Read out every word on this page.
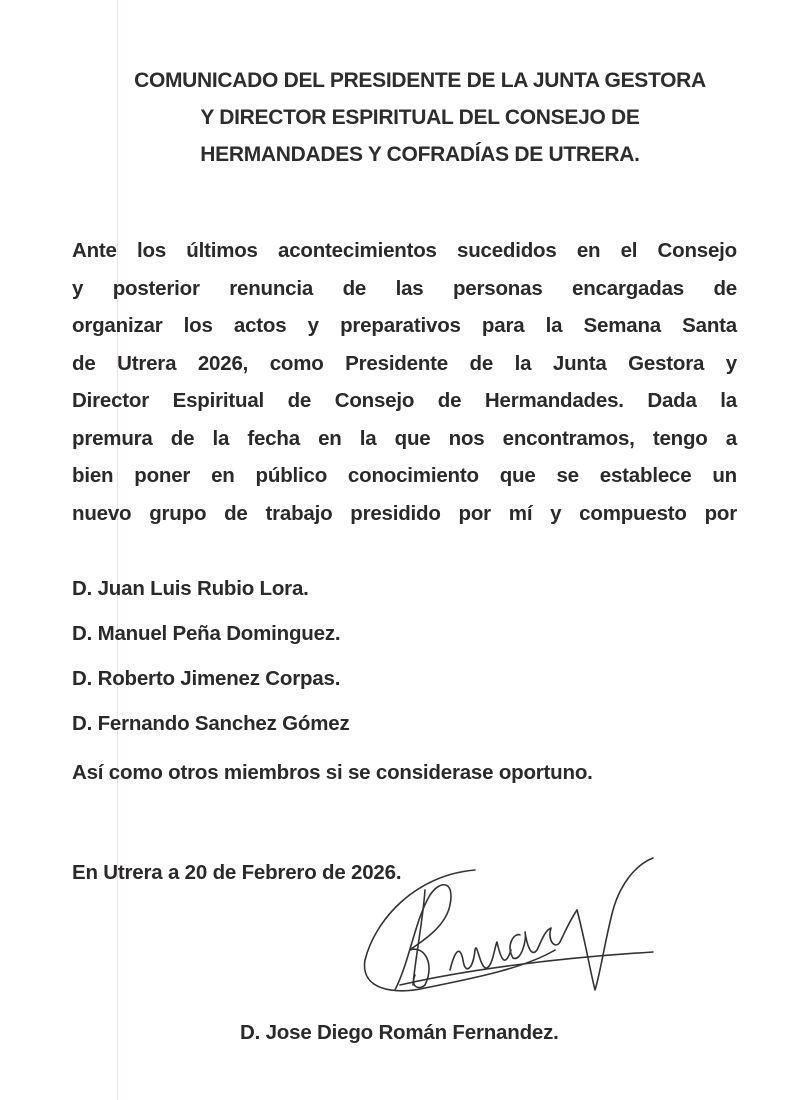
COMUNICADO DEL PRESIDENTE DE LA JUNTA GESTORA
Y DIRECTOR ESPIRITUAL DEL CONSEJO DE
HERMANDADES Y COFRADÍAS DE UTRERA.
Ante los últimos acontecimientos sucedidos en el Consejo
y posterior renuncia de las personas encargadas de
organizar los actos y preparativos para la Semana Santa
de Utrera 2026, como Presidente de la Junta Gestora y
Director Espiritual de Consejo de Hermandades. Dada la
premura de la fecha en la que nos encontramos, tengo a
bien poner en público conocimiento que se establece un
nuevo grupo de trabajo presidido por mí y compuesto por
D. Juan Luis Rubio Lora.
D. Manuel Peña Dominguez.
D. Roberto Jimenez Corpas.
D. Fernando Sanchez Gómez
Así como otros miembros si se considerase oportuno.
En Utrera a 20 de Febrero de 2026.
D. Jose Diego Román Fernandez.
